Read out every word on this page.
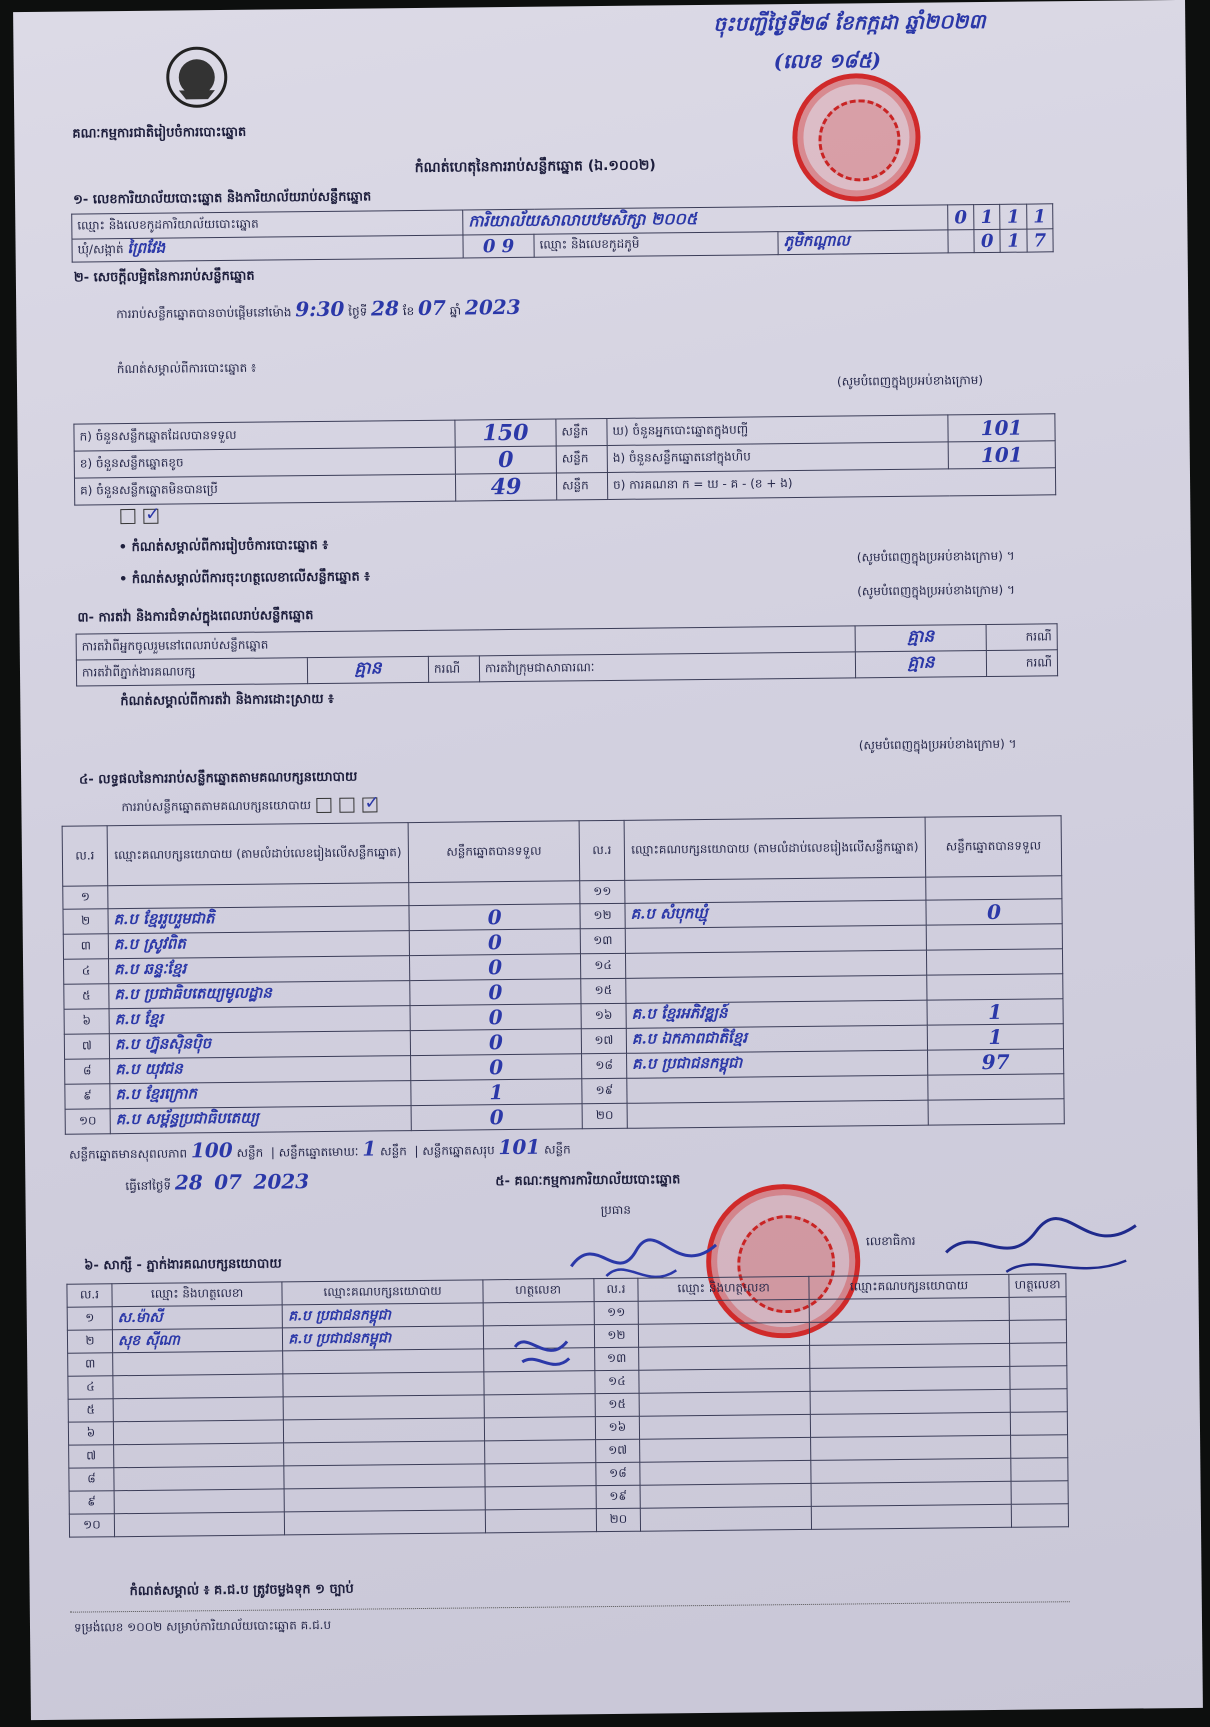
ចុះបញ្ជីថ្ងៃទី២៨ ខែកក្កដា ឆ្នាំ២០២៣
(លេខ ១៨៥)
គណៈកម្មការជាតិរៀបចំការបោះឆ្នោត
កំណត់ហេតុនៃការរាប់សន្លឹកឆ្នោត (ឯ.១០០២)
១- លេខការិយាល័យបោះឆ្នោត និងការិយាល័យរាប់សន្លឹកឆ្នោត
ឈ្មោះ និងលេខកូដការិយាល័យបោះឆ្នោត	ការិយាល័យសាលាបឋមសិក្សា ២០០៥			0	1	1	1
ឃុំ/សង្កាត់ ព្រៃវែង	0 9	ឈ្មោះ និងលេខកូដភូមិ	ភូមិកណ្ដាល		0	1	7
២- សេចក្ដីលម្អិតនៃការរាប់សន្លឹកឆ្នោត
ការរាប់សន្លឹកឆ្នោតបានចាប់ផ្ដើមនៅម៉ោង 9:30 ថ្ងៃទី 28 ខែ 07 ឆ្នាំ 2023
កំណត់សម្គាល់ពីការបោះឆ្នោត ៖
(សូមបំពេញក្នុងប្រអប់ខាងក្រោម)
ក) ចំនួនសន្លឹកឆ្នោតដែលបានទទួល	150	សន្លឹក	ឃ) ចំនួនអ្នកបោះឆ្នោតក្នុងបញ្ជី	101
ខ) ចំនួនសន្លឹកឆ្នោតខូច	0	សន្លឹក	ង) ចំនួនសន្លឹកឆ្នោតនៅក្នុងហិប	101
គ) ចំនួនសន្លឹកឆ្នោតមិនបានប្រើ	49	សន្លឹក	ច) ការគណនា ក = ឃ - គ - (ខ + ង)	

✓
• កំណត់សម្គាល់ពីការរៀបចំការបោះឆ្នោត ៖
(សូមបំពេញក្នុងប្រអប់ខាងក្រោម) ។
• កំណត់សម្គាល់ពីការចុះហត្ថលេខាលើសន្លឹកឆ្នោត ៖
(សូមបំពេញក្នុងប្រអប់ខាងក្រោម) ។
៣- ការតវ៉ា និងការជំទាស់ក្នុងពេលរាប់សន្លឹកឆ្នោត
ការតវ៉ាពីអ្នកចូលរួមនៅពេលរាប់សន្លឹកឆ្នោត				គ្មាន	ករណី
ការតវ៉ាពីភ្នាក់ងារគណបក្ស	គ្មាន	ករណី	ការតវ៉ាក្រុមជាសាធារណៈ	គ្មាន	ករណី
កំណត់សម្គាល់ពីការតវ៉ា និងការដោះស្រាយ ៖
(សូមបំពេញក្នុងប្រអប់ខាងក្រោម) ។
៤- លទ្ធផលនៃការរាប់សន្លឹកឆ្នោតតាមគណបក្សនយោបាយ
ការរាប់សន្លឹកឆ្នោតតាមគណបក្សនយោបាយ	✓
ល.រ	ឈ្មោះគណបក្សនយោបាយ (តាមលំដាប់លេខរៀងលើសន្លឹកឆ្នោត)	សន្លឹកឆ្នោតបានទទួល	ល.រ	ឈ្មោះគណបក្សនយោបាយ (តាមលំដាប់លេខរៀងលើសន្លឹកឆ្នោត)	សន្លឹកឆ្នោតបានទទួល
១			១១		
២	គ.ប ខ្មែររួបរួមជាតិ	0	១២	គ.ប សំបុកឃ្មុំ	0
៣	គ.ប ស្រូវពិត	0	១៣		
៤	គ.ប ឆន្ទៈខ្មែរ	0	១៤		
៥	គ.ប ប្រជាធិបតេយ្យមូលដ្ឋាន	0	១៥		
៦	គ.ប ខ្មែរ	0	១៦	គ.ប ខ្មែរអភិវឌ្ឍន៍	1
៧	គ.ប ហ្វ៊ុនស៊ិនប៉ិច	0	១៧	គ.ប ឯកភាពជាតិខ្មែរ	1
៨	គ.ប យុវជន	0	១៨	គ.ប ប្រជាជនកម្ពុជា	97
៩	គ.ប ខ្មែរក្រោក	1	១៩		
១០	គ.ប សម្ព័ន្ធប្រជាធិបតេយ្យ	0	២០		
សន្លឹកឆ្នោតមានសុពលភាព 100 សន្លឹក  | សន្លឹកឆ្នោតមោឃៈ 1 សន្លឹក  | សន្លឹកឆ្នោតសរុប 101 សន្លឹក
ធ្វើនៅថ្ងៃទី 28 07 2023	៥- គណៈកម្មការការិយាល័យបោះឆ្នោត
ប្រធាន
លេខាធិការ
៦- សាក្សី - ភ្នាក់ងារគណបក្សនយោបាយ
ល.រ	ឈ្មោះ និងហត្ថលេខា	ឈ្មោះគណបក្សនយោបាយ	ហត្ថលេខា	ល.រ	ឈ្មោះ និងហត្ថលេខា	ឈ្មោះគណបក្សនយោបាយ	ហត្ថលេខា
១	ស.ម៉ាសី	គ.ប ប្រជាជនកម្ពុជា		១១			
២	សុខ ស៊ីណា	គ.ប ប្រជាជនកម្ពុជា		១២			
៣				១៣			
៤				១៤			
៥				១៥			
៦				១៦			
៧				១៧			
៨				១៨			
៩				១៩			
១០				២០			
កំណត់សម្គាល់ ៖ គ.ជ.ប ត្រូវចម្លងទុក ១ ច្បាប់
ទម្រង់លេខ ១០០២ សម្រាប់ការិយាល័យបោះឆ្នោត គ.ជ.ប
